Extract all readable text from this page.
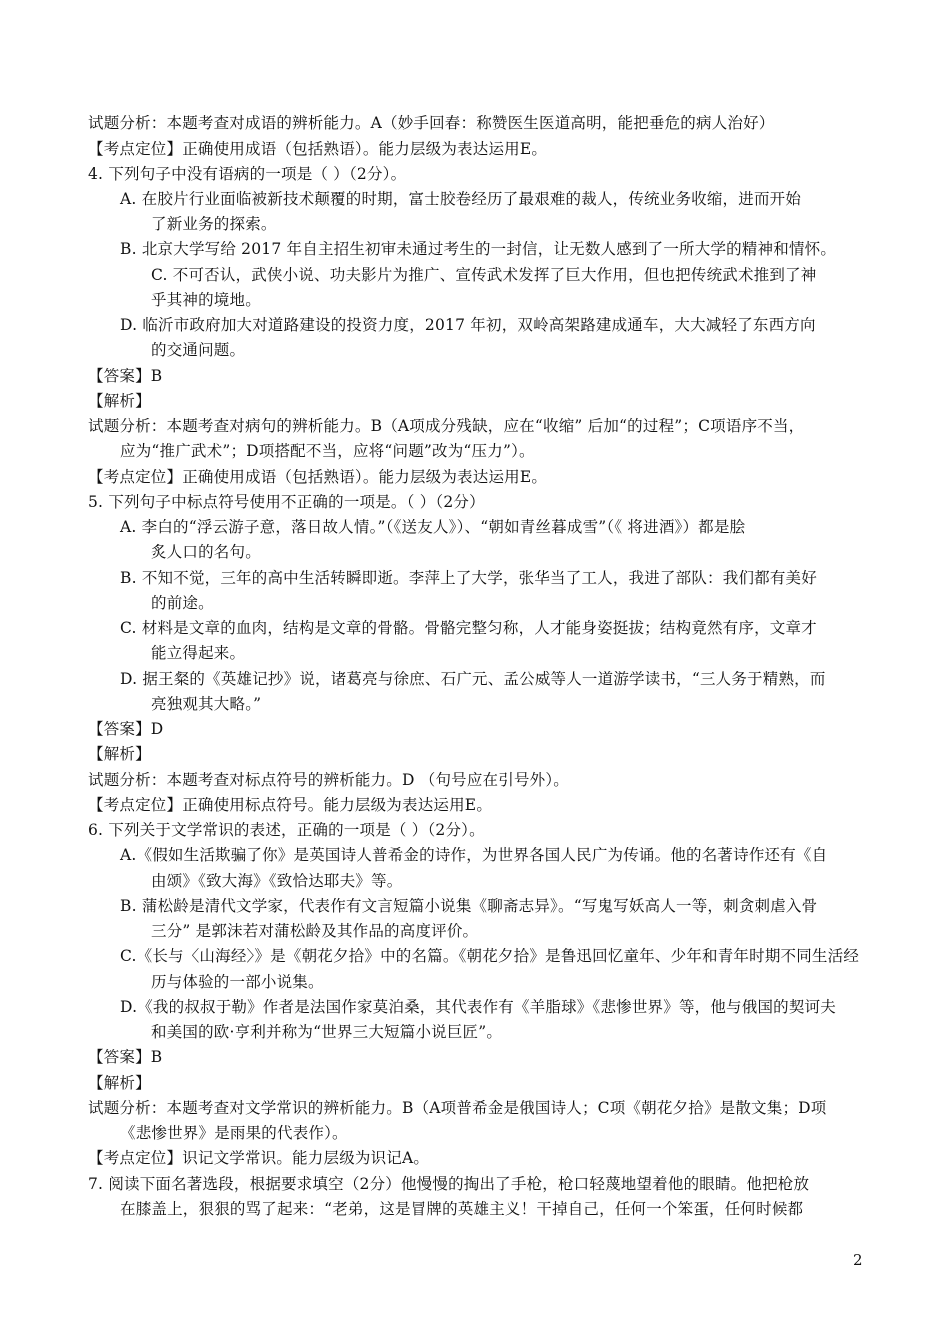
试题分析：本题考查对成语的辨析能力。A（妙手回春：称赞医生医道高明，能把垂危的病人治好）
【考点定位】正确使用成语（包括熟语）。能力层级为表达运用E。
4. 下列句子中没有语病的一项是（ ）（2分）。
A. 在胶片行业面临被新技术颠覆的时期，富士胶卷经历了最艰难的裁人，传统业务收缩，进而开始
了新业务的探索。
B. 北京大学写给 2017 年自主招生初审未通过考生的一封信，让无数人感到了一所大学的精神和情怀。
C. 不可否认，武侠小说、功夫影片为推广、宣传武术发挥了巨大作用，但也把传统武术推到了神
乎其神的境地。
D. 临沂市政府加大对道路建设的投资力度，2017 年初，双岭高架路建成通车，大大减轻了东西方向
的交通问题。
【答案】B
【解析】
试题分析：本题考查对病句的辨析能力。B（A项成分残缺，应在“收缩” 后加“的过程”；C项语序不当，
应为“推广武术”；D项搭配不当，应将“问题”改为“压力”）。
【考点定位】正确使用成语（包括熟语）。能力层级为表达运用E。
5. 下列句子中标点符号使用不正确的一项是。（ ）（2分）
A. 李白的“浮云游子意，落日故人情。”（《送友人》）、“朝如青丝暮成雪”（《 将进酒》）都是脍
炙人口的名句。
B. 不知不觉，三年的高中生活转瞬即逝。李萍上了大学，张华当了工人，我进了部队：我们都有美好
的前途。
C. 材料是文章的血肉，结构是文章的骨骼。骨骼完整匀称，人才能身姿挺拔；结构竟然有序，文章才
能立得起来。
D. 据王粲的《英雄记抄》说，诸葛亮与徐庶、石广元、孟公威等人一道游学读书，“三人务于精熟，而
亮独观其大略。”
【答案】D
【解析】
试题分析：本题考查对标点符号的辨析能力。D （句号应在引号外）。
【考点定位】正确使用标点符号。能力层级为表达运用E。
6. 下列关于文学常识的表述，正确的一项是（ ）（2分）。
A.《假如生活欺骗了你》是英国诗人普希金的诗作，为世界各国人民广为传诵。他的名著诗作还有《自
由颂》《致大海》《致恰达耶夫》等。
B. 蒲松龄是清代文学家，代表作有文言短篇小说集《聊斋志异》。“写鬼写妖高人一等，刺贪刺虐入骨
三分” 是郭沫若对蒲松龄及其作品的高度评价。
C.《长与〈山海经〉》是《朝花夕拾》中的名篇。《朝花夕拾》是鲁迅回忆童年、少年和青年时期不同生活经
历与体验的一部小说集。
D.《我的叔叔于勒》作者是法国作家莫泊桑，其代表作有《羊脂球》《悲惨世界》等，他与俄国的契诃夫
和美国的欧·亨利并称为“世界三大短篇小说巨匠”。
【答案】B
【解析】
试题分析：本题考查对文学常识的辨析能力。B（A项普希金是俄国诗人；C项《朝花夕拾》是散文集；D项
《悲惨世界》是雨果的代表作）。
【考点定位】识记文学常识。能力层级为识记A。
7. 阅读下面名著选段，根据要求填空（2分）他慢慢的掏出了手枪，枪口轻蔑地望着他的眼睛。他把枪放
在膝盖上，狠狠的骂了起来：“老弟，这是冒牌的英雄主义！干掉自己，任何一个笨蛋，任何时候都
2
